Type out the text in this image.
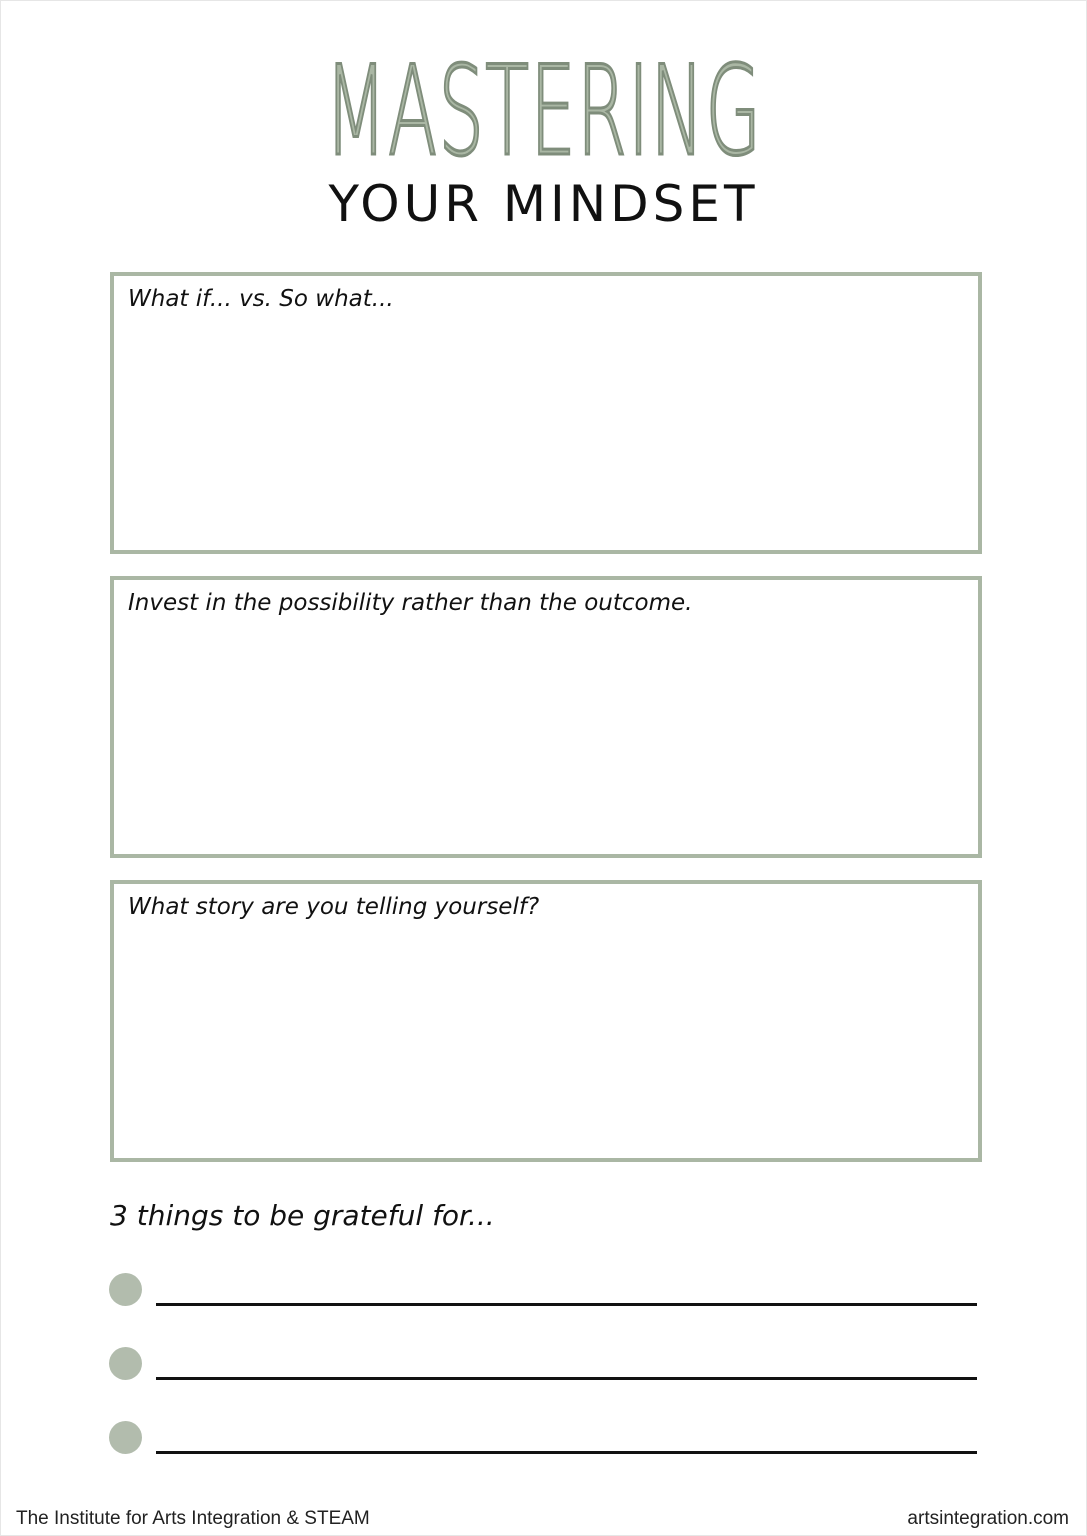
MASTERING
YOUR MINDSET
What if... vs. So what...
Invest in the possibility rather than the outcome.
What story are you telling yourself?
3 things to be grateful for...
The Institute for Arts Integration & STEAM	artsintegration.com
